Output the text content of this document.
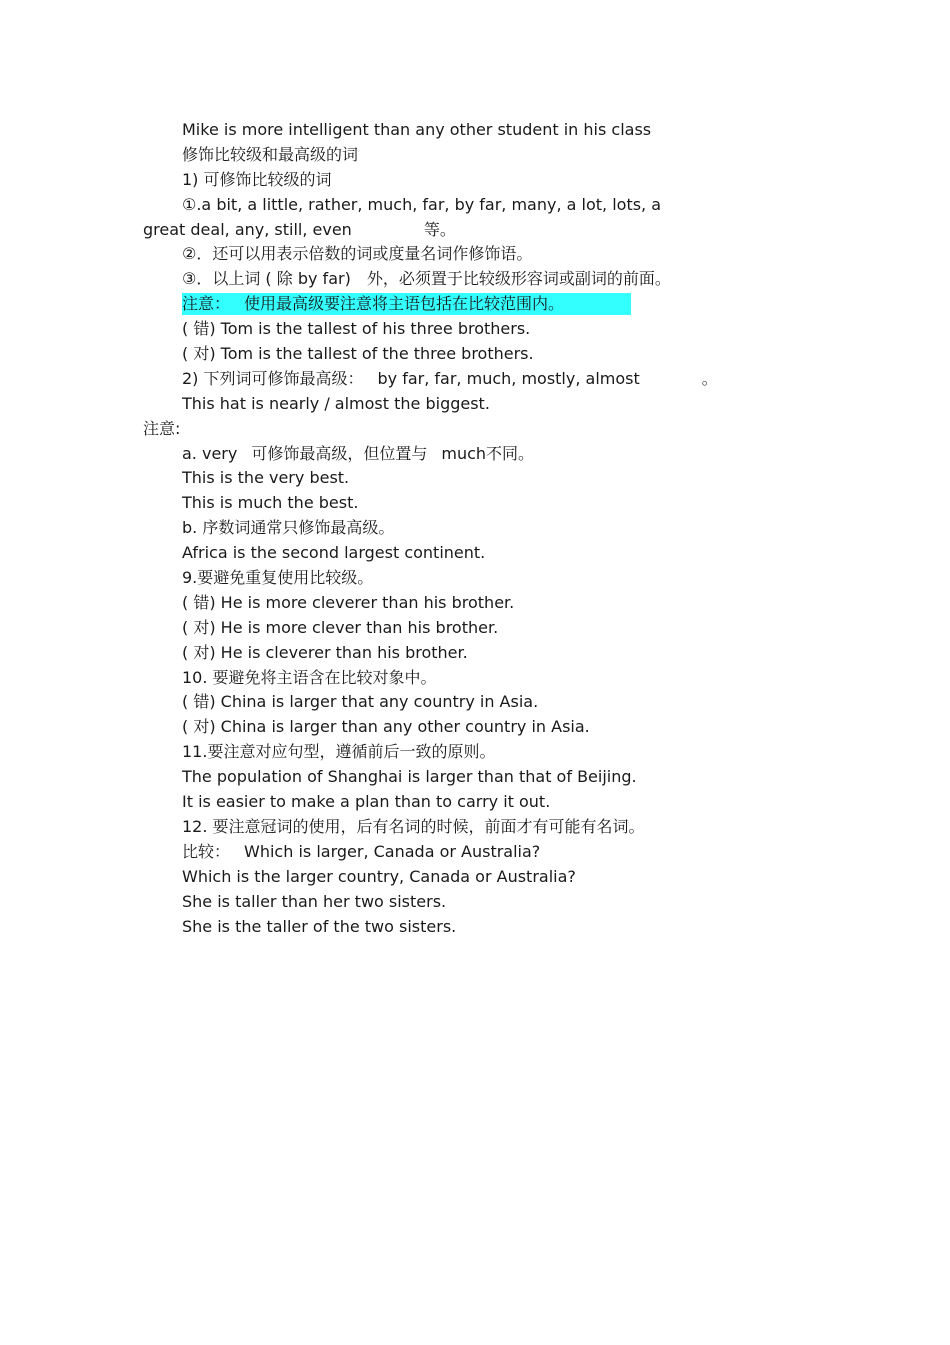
Mike is more intelligent than any other student in his class
修饰比较级和最高级的词
1) 可修饰比较级的词
①.a bit, a little, rather, much, far, by far, many, a lot, lots, a
great deal, any, still, even	等。
②．还可以用表示倍数的词或度量名词作修饰语。
③．以上词 ( 除 by far)　外，必须置于比较级形容词或副词的前面。
注意： 使用最高级要注意将主语包括在比较范围内。
( 错) Tom is the tallest of his three brothers.
( 对) Tom is the tallest of the three brothers.
2) 下列词可修饰最高级： by far, far, much, mostly, almost	。
This hat is nearly / almost the biggest.
注意:
a. very 可修饰最高级，但位置与 much不同。
This is the very best.
This is much the best.
b. 序数词通常只修饰最高级。
Africa is the second largest continent.
9.要避免重复使用比较级。
( 错) He is more cleverer than his brother.
( 对) He is more clever than his brother.
( 对) He is cleverer than his brother.
10. 要避免将主语含在比较对象中。
( 错) China is larger that any country in Asia.
( 对) China is larger than any other country in Asia.
11.要注意对应句型，遵循前后一致的原则。
The population of Shanghai is larger than that of Beijing.
It is easier to make a plan than to carry it out.
12. 要注意冠词的使用，后有名词的时候，前面才有可能有名词。
比较： Which is larger, Canada or Australia?
Which is the larger country, Canada or Australia?
She is taller than her two sisters.
She is the taller of the two sisters.
